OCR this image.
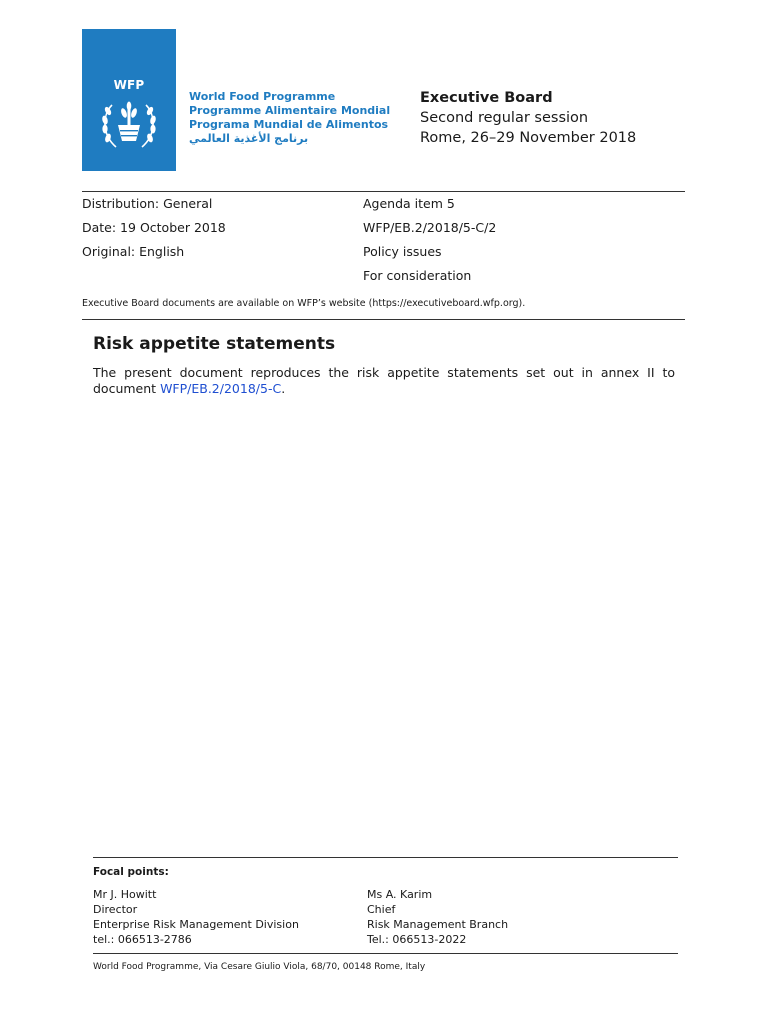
WFP
World Food Programme
Programme Alimentaire Mondial
Programa Mundial de Alimentos
برنامج الأغذية العالمي
Executive Board
Second regular session
Rome, 26–29 November 2018
Distribution: General
Date: 19 October 2018
Original: English
Agenda item 5
WFP/EB.2/2018/5-C/2
Policy issues
For consideration
Executive Board documents are available on WFP’s website (https://executiveboard.wfp.org).
Risk appetite statements
The present document reproduces the risk appetite statements set out in annex II to document WFP/EB.2/2018/5-C.
Focal points:
Mr J. Howitt
Director
Enterprise Risk Management Division
tel.: 066513-2786
Ms A. Karim
Chief
Risk Management Branch
Tel.: 066513-2022
World Food Programme, Via Cesare Giulio Viola, 68/70, 00148 Rome, Italy
